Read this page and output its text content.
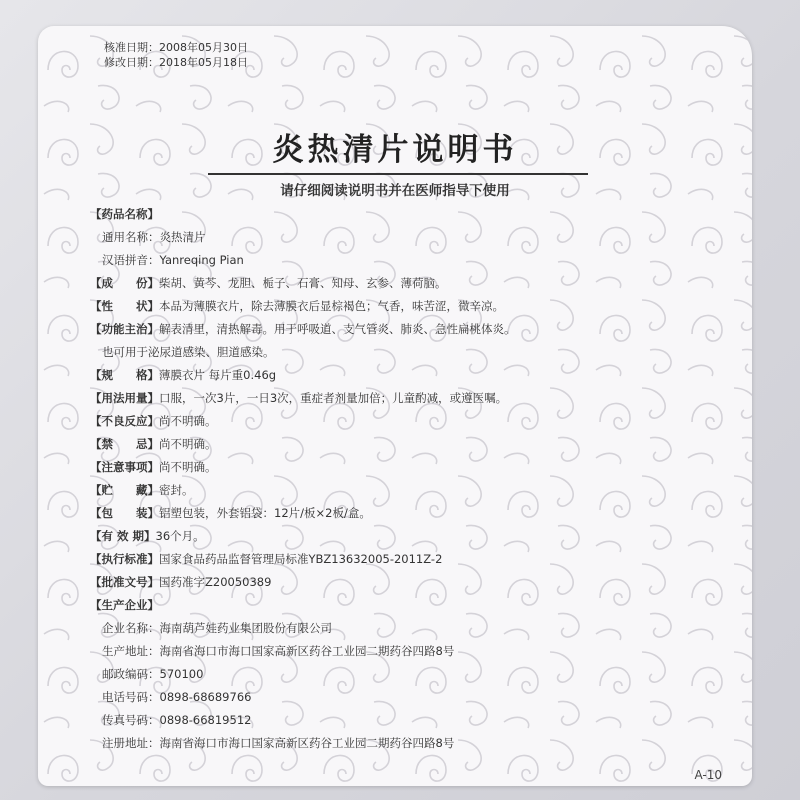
核准日期：2008年05月30日
修改日期：2018年05月18日
炎热清片说明书
请仔细阅读说明书并在医师指导下使用
【药品名称】
通用名称：炎热清片
汉语拼音：Yanreqing Pian
【成　　份】柴胡、黄芩、龙胆、栀子、石膏、知母、玄参、薄荷脑。
【性　　状】本品为薄膜衣片，除去薄膜衣后显棕褐色；气香，味苦涩，微辛凉。
【功能主治】解表清里，清热解毒。用于呼吸道、支气管炎、肺炎、急性扁桃体炎。
也可用于泌尿道感染、胆道感染。
【规　　格】薄膜衣片 每片重0.46g
【用法用量】口服，一次3片，一日3次，重症者剂量加倍；儿童酌减，或遵医嘱。
【不良反应】尚不明确。
【禁　　忌】尚不明确。
【注意事项】尚不明确。
【贮　　藏】密封。
【包　　装】铝塑包装，外套铝袋：12片/板×2板/盒。
【有 效 期】36个月。
【执行标准】国家食品药品监督管理局标准YBZ13632005-2011Z-2
【批准文号】国药准字Z20050389
【生产企业】
企业名称：海南葫芦娃药业集团股份有限公司
生产地址：海南省海口市海口国家高新区药谷工业园二期药谷四路8号
邮政编码：570100
电话号码：0898-68689766
传真号码：0898-66819512
注册地址：海南省海口市海口国家高新区药谷工业园二期药谷四路8号
A-10
